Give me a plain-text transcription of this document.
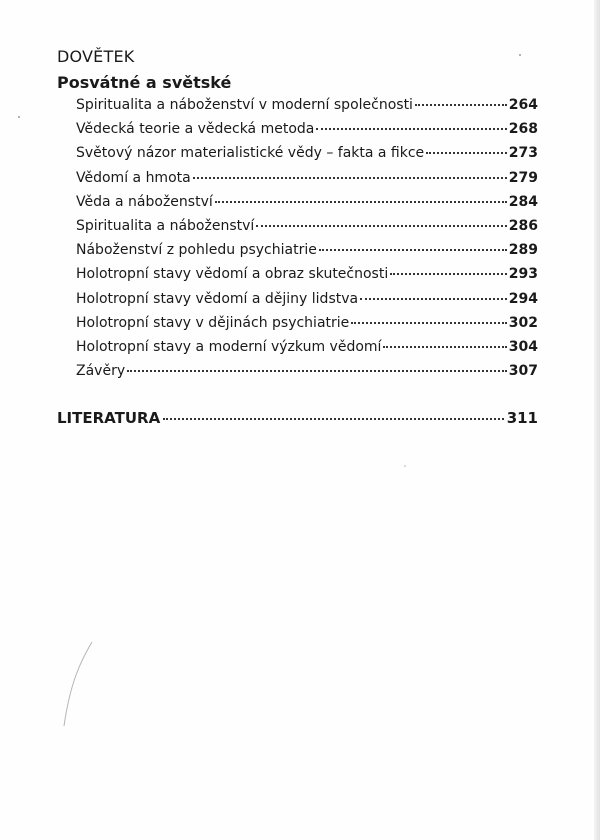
DOVĚTEK
Posvátné a světské
Spiritualita a náboženství v moderní společnosti	264
Vědecká teorie a vědecká metoda	268
Světový názor materialistické vědy – fakta a fikce	273
Vědomí a hmota	279
Věda a náboženství	284
Spiritualita a náboženství	286
Náboženství z pohledu psychiatrie	289
Holotropní stavy vědomí a obraz skutečnosti	293
Holotropní stavy vědomí a dějiny lidstva	294
Holotropní stavy v dějinách psychiatrie	302
Holotropní stavy a moderní výzkum vědomí	304
Závěry	307
LITERATURA	311
